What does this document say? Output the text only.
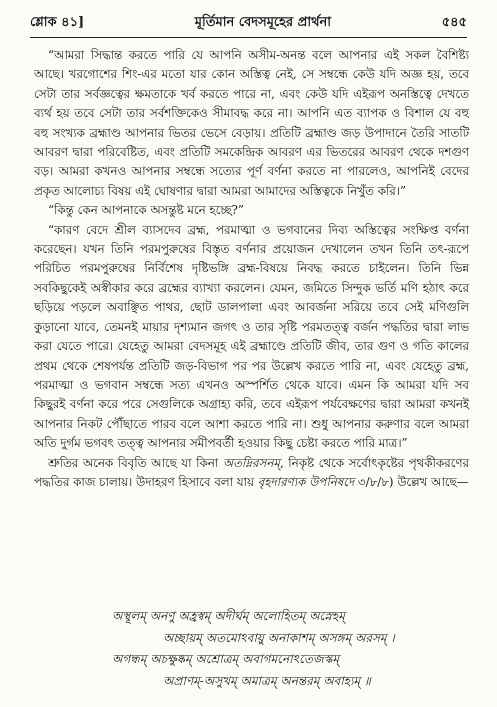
শ্লোক ৪১]	মূর্তিমান বেদসমূহের প্রার্থনা	৫৪৫

“আমরা সিদ্ধান্ত করতে পারি যে আপনি অসীম-অনন্ত বলে আপনার এই সকল বৈশিষ্ট্য আছে। খরগোশের শিং-এর মতো যার কোন অস্তিত্ব নেই, সে সম্বন্ধে কেউ যদি অজ্ঞ হয়, তবে সেটা তার সর্বজ্ঞত্বের ক্ষমতাকে খর্ব করতে পারে না, এবং কেউ যদি এইরূপ অনস্তিত্বে দেখতে ব্যর্থ হয় তবে সেটা তার সর্বশক্তিকেও সীমাবদ্ধ করে না। আপনি এত ব্যাপক ও বিশাল যে বহু বহু সংখ্যক ব্রহ্মাণ্ড আপনার ভিতর ভেসে বেড়ায়। প্রতিটি ব্রহ্মাণ্ড জড় উপাদানে তৈরি সাতটি আবরণ দ্বারা পরিবেষ্টিত, এবং প্রতিটি সমকেন্দ্রিক আবরণ এর ভিতরের আবরণ থেকে দশগুণ বড়। আমরা কখনও আপনার সম্বন্ধে সত্যের পূর্ণ বর্ণনা করতে না পারলেও, আপনিই বেদের প্রকৃত আলোচ্য বিষয় এই ঘোষণার দ্বারা আমরা আমাদের অস্তিত্বকে নিখুঁত করি।”

“কিন্তু কেন আপনাকে অসন্তুষ্ট মনে হচ্ছে?”

“কারণ বেদে শ্রীল ব্যাসদেব ব্রহ্ম, পরমাত্মা ও ভগবানের দিব্য অস্তিত্বের সংক্ষিপ্ত বর্ণনা করেছেন। যখন তিনি পরমপুরুষের বিস্তৃত বর্ণনার প্রয়োজন দেখালেন তখন তিনি তৎ-রূপে পরিচিত পরমপুরুষের নির্বিশেষ দৃষ্টিভঙ্গি ব্রহ্ম-বিষয়ে নিবদ্ধ করতে চাইলেন। তিনি ভিন্ন সবকিছুকেই অস্বীকার করে ব্রহ্মের ব্যাখ্যা করলেন। যেমন, জমিতে সিন্দুক ভর্তি মণি হঠাৎ করে ছড়িয়ে পড়লে অবাঞ্ছিত পাথর, ছোট ডালপালা এবং আবর্জনা সরিয়ে তবে সেই মণিগুলি কুড়ানো যাবে, তেমনই মায়ার দৃশ্যমান জগৎ ও তার সৃষ্টি পরমতত্ত্ব বর্জন পদ্ধতির দ্বারা লাভ করা যেতে পারে। যেহেতু আমরা বেদসমূহ এই ব্রহ্মাণ্ডে প্রতিটি জীব, তার গুণ ও গতি কালের প্রথম থেকে শেষপর্যন্ত প্রতিটি জড়-বিভাগ পর পর উল্লেখ করতে পারি না, এবং যেহেতু ব্রহ্ম, পরমাত্মা ও ভগবান সম্বন্ধে সত্য এখনও অস্পর্শিত থেকে যাবে। এমন কি আমরা যদি সব কিছুরই বর্ণনা করে পরে সেগুলিকে অগ্রাহ্য করি, তবে এইরূপ পর্যবেক্ষণের দ্বারা আমরা কখনই আপনার নিকট পৌঁছাতে পারব বলে আশা করতে পারি না। শুধু আপনার করুণার বলে আমরা অতি দুর্গম ভগবৎ তত্ত্ব আপনার সমীপবর্তী হওয়ার কিছু চেষ্টা করতে পারি মাত্র।”

শ্রুতির অনেক বিবৃতি আছে যা কিনা অতদ্নিরসনম্, নিকৃষ্ট থেকে সর্বোৎকৃষ্টের পৃথকীকরণের পদ্ধতির কাজ চালায়। উদাহরণ হিসাবে বলা যায় বৃহদারণ্যক উপনিষদে ৩/৮/৮) উল্লেখ আছে—

অস্থূলম্ অনণু অহ্রস্বম্ অদীর্ঘম্ অলোহিতম্ অস্নেহম্
অচ্ছায়ম্ অতমোঽবায়ু অনাকাশম্ অসঙ্গম্ অরসম্ ।
অগন্ধম্ অচক্ষুষ্কম্ অশ্রোত্রম্ অবাগমনোঽতেজস্কম্
অপ্রাণম্-অসুখম্ অমাত্রম্ অনন্তরম্ অবাহ্যম্ ॥
